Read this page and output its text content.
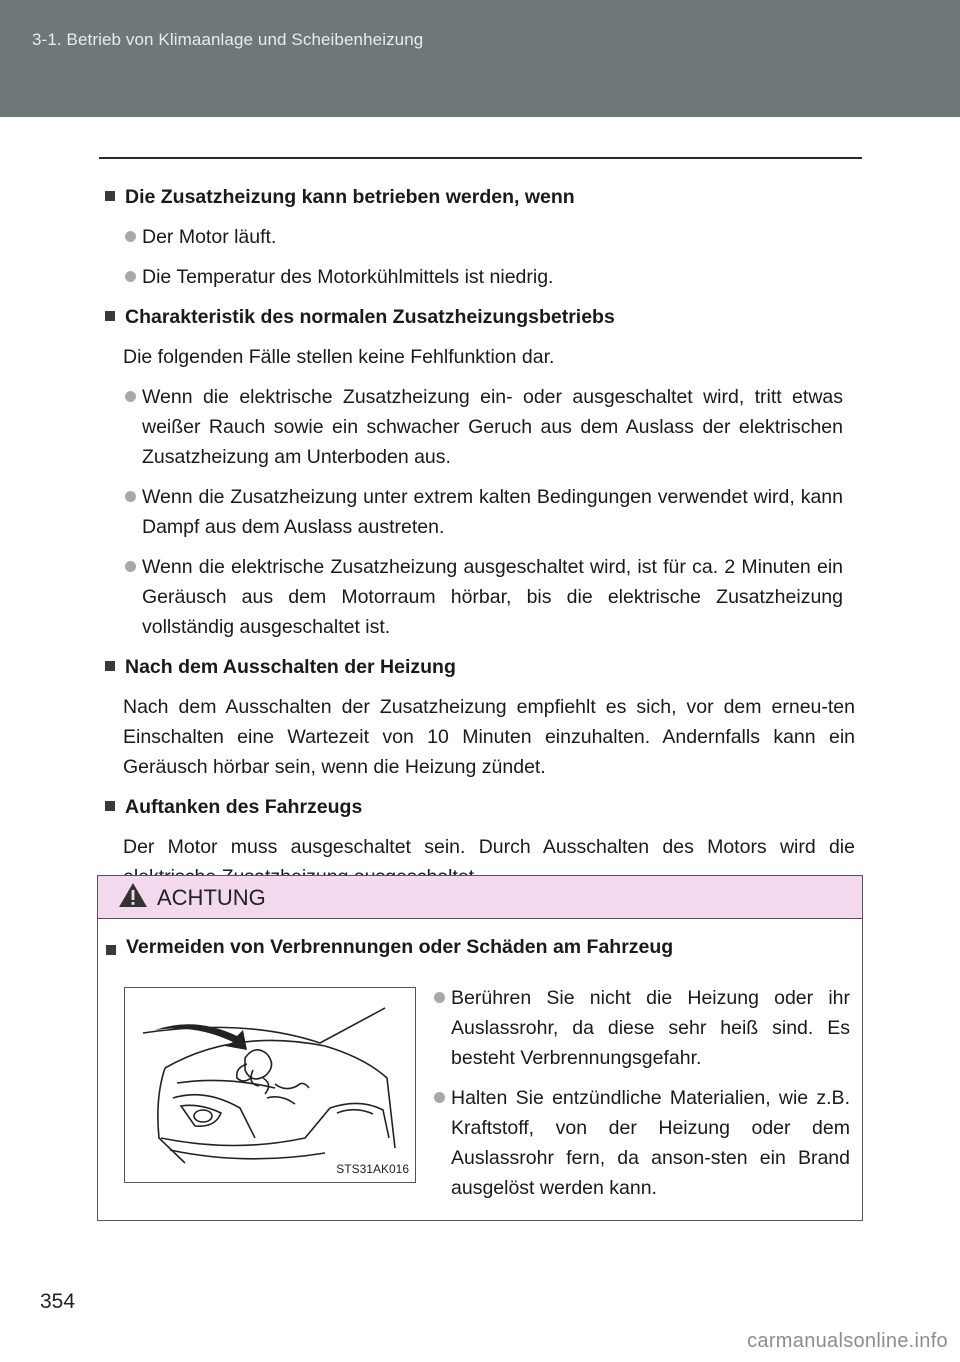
3-1. Betrieb von Klimaanlage und Scheibenheizung
Die Zusatzheizung kann betrieben werden, wenn
Der Motor läuft.
Die Temperatur des Motorkühlmittels ist niedrig.
Charakteristik des normalen Zusatzheizungsbetriebs
Die folgenden Fälle stellen keine Fehlfunktion dar.
Wenn die elektrische Zusatzheizung ein- oder ausgeschaltet wird, tritt etwas weißer Rauch sowie ein schwacher Geruch aus dem Auslass der elektrischen Zusatzheizung am Unterboden aus.
Wenn die Zusatzheizung unter extrem kalten Bedingungen verwendet wird, kann Dampf aus dem Auslass austreten.
Wenn die elektrische Zusatzheizung ausgeschaltet wird, ist für ca. 2 Minuten ein Geräusch aus dem Motorraum hörbar, bis die elektrische Zusatzheizung vollständig ausgeschaltet ist.
Nach dem Ausschalten der Heizung
Nach dem Ausschalten der Zusatzheizung empfiehlt es sich, vor dem erneu-ten Einschalten eine Wartezeit von 10 Minuten einzuhalten. Andernfalls kann ein Geräusch hörbar sein, wenn die Heizung zündet.
Auftanken des Fahrzeugs
Der Motor muss ausgeschaltet sein. Durch Ausschalten des Motors wird die
ACHTUNG
Vermeiden von Verbrennungen oder Schäden am Fahrzeug
STS31AK016
Berühren Sie nicht die Heizung oder ihr Auslassrohr, da diese sehr heiß sind. Es besteht Verbrennungsgefahr.
Halten Sie entzündliche Materialien, wie z.B. Kraftstoff, von der Heizung oder dem Auslassrohr fern, da anson-sten ein Brand ausgelöst werden kann.
354
carmanualsonline.info
